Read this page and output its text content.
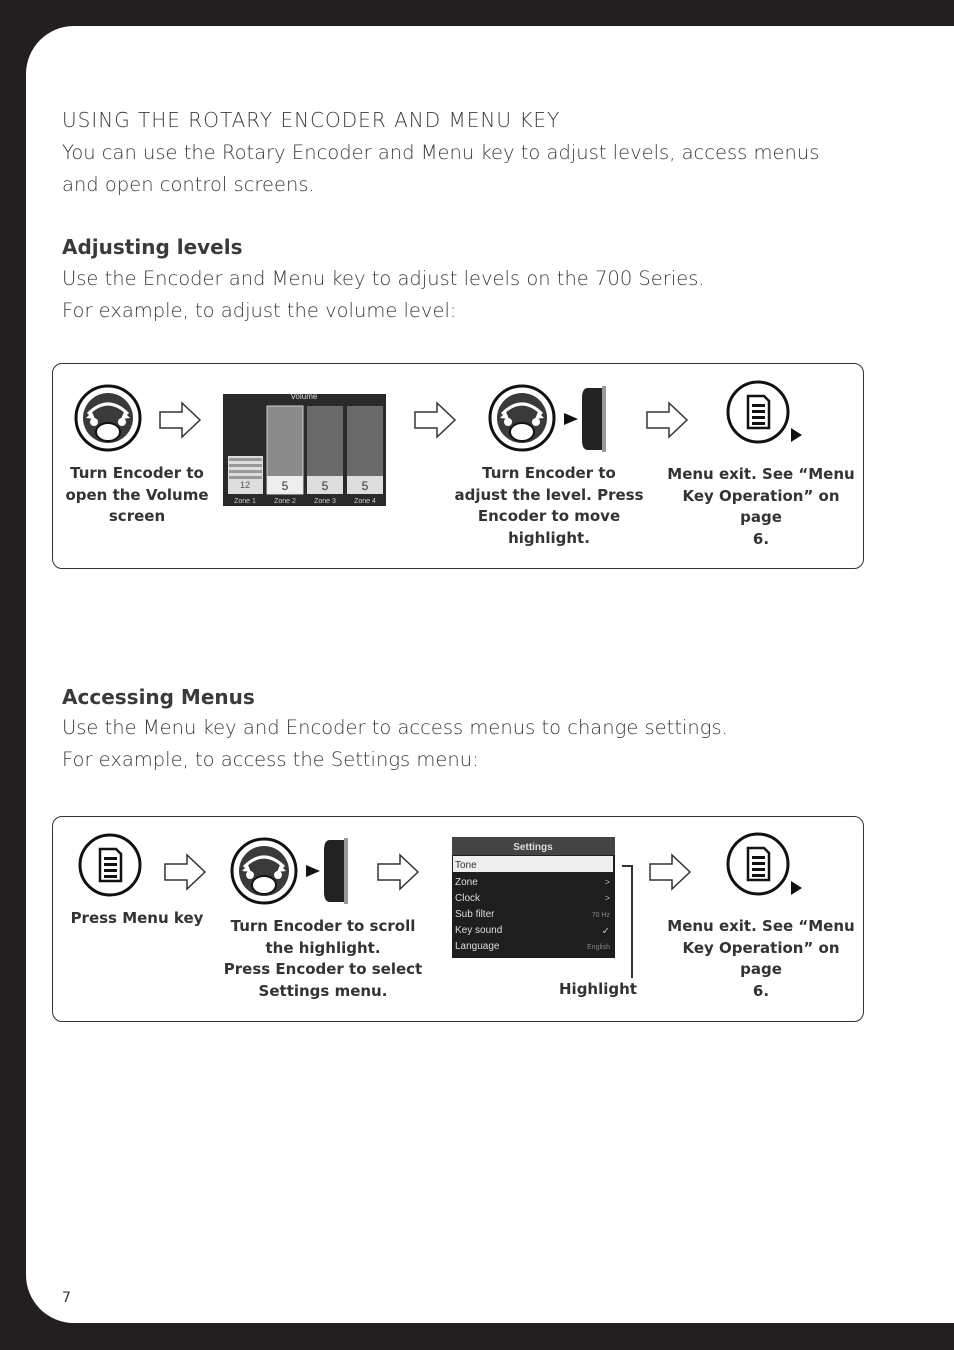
USING THE ROTARY ENCODER AND MENU KEY
You can use the Rotary Encoder and Menu key to adjust levels, access menus
and open control screens.
Adjusting levels
Use the Encoder and Menu key to adjust levels on the 700 Series.
For example, to adjust the volume level:
Volume
12	5	5	5
Zone 1	Zone 2	Zone 3	Zone 4
Turn Encoder to
open the Volume
screen
Turn Encoder to
adjust the level. Press
Encoder to move
highlight.
Menu exit. See “Menu
Key Operation” on page
6.
Accessing Menus
Use the Menu key and Encoder to access menus to change settings.
For example, to access the Settings menu:
Settings
Tone
Zone
Clock
Sub filter
Key sound
Language
>
>
70 Hz
✓
English
Press Menu key	Turn Encoder to scroll
the highlight.
Press Encoder to select
Settings menu.	Highlight
Menu exit. See “Menu
Key Operation” on page
6.
7
